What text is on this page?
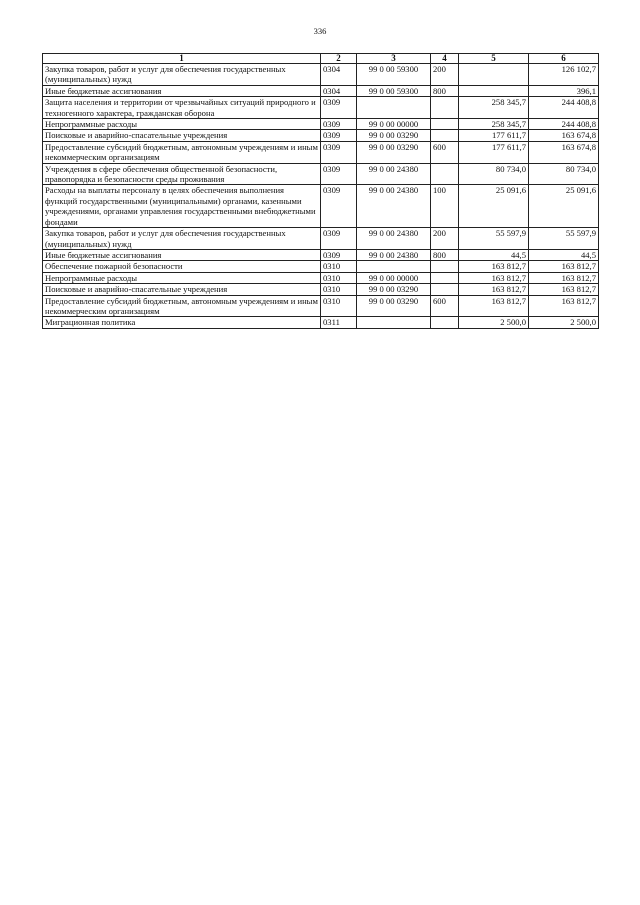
336
1	2	3	4	5	6
Закупка товаров, работ и услуг для обеспечения государственных (муниципальных) нужд	0304	99 0 00 59300	200		126 102,7
Иные бюджетные ассигнования	0304	99 0 00 59300	800		396,1
Защита населения и территории от чрезвычайных ситуаций природного и техногенного характера, гражданская оборона	0309			258 345,7	244 408,8
Непрограммные расходы	0309	99 0 00 00000		258 345,7	244 408,8
Поисковые и аварийно-спасательные учреждения	0309	99 0 00 03290		177 611,7	163 674,8
Предоставление субсидий бюджетным, автономным учреждениям и иным некоммерческим организациям	0309	99 0 00 03290	600	177 611,7	163 674,8
Учреждения в сфере обеспечения общественной безопасности, правопорядка и безопасности среды проживания	0309	99 0 00 24380		80 734,0	80 734,0
Расходы на выплаты персоналу в целях обеспечения выполнения функций государственными (муниципальными) органами, казенными учреждениями, органами управления государственными внебюджетными фондами	0309	99 0 00 24380	100	25 091,6	25 091,6
Закупка товаров, работ и услуг для обеспечения государственных (муниципальных) нужд	0309	99 0 00 24380	200	55 597,9	55 597,9
Иные бюджетные ассигнования	0309	99 0 00 24380	800	44,5	44,5
Обеспечение пожарной безопасности	0310			163 812,7	163 812,7
Непрограммные расходы	0310	99 0 00 00000		163 812,7	163 812,7
Поисковые и аварийно-спасательные учреждения	0310	99 0 00 03290		163 812,7	163 812,7
Предоставление субсидий бюджетным, автономным учреждениям и иным некоммерческим организациям	0310	99 0 00 03290	600	163 812,7	163 812,7
Миграционная политика	0311			2 500,0	2 500,0
